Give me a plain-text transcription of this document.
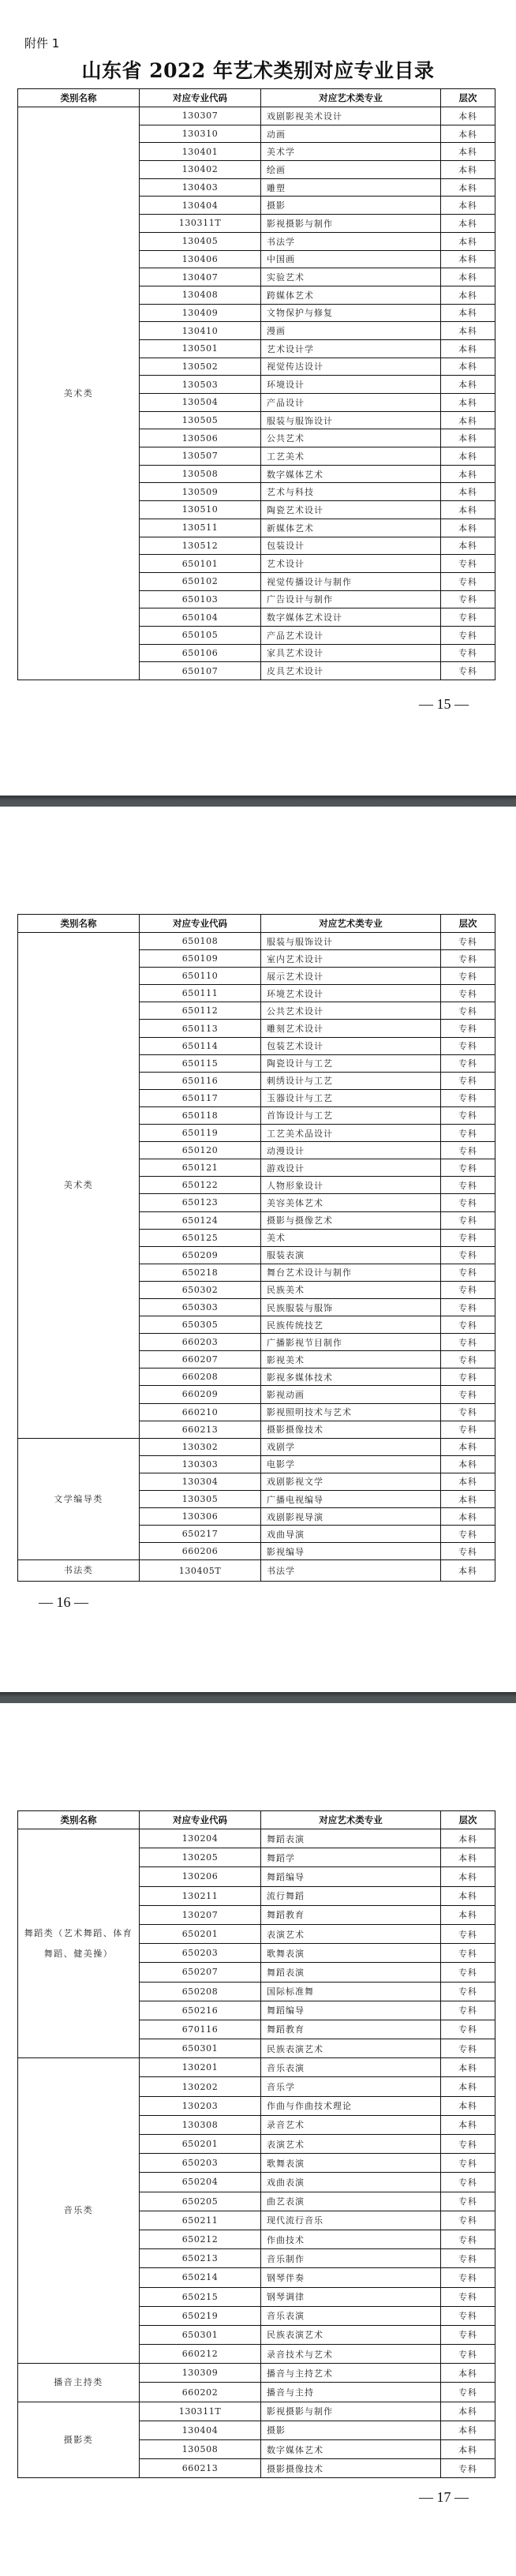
附件 1
山东省 2022 年艺术类别对应专业目录
类别名称	对应专业代码	对应艺术类专业	层次
美术类	130307	戏剧影视美术设计	本科
	130310	动画	本科
	130401	美术学	本科
	130402	绘画	本科
	130403	雕塑	本科
	130404	摄影	本科
	130311T	影视摄影与制作	本科
	130405	书法学	本科
	130406	中国画	本科
	130407	实验艺术	本科
	130408	跨媒体艺术	本科
	130409	文物保护与修复	本科
	130410	漫画	本科
	130501	艺术设计学	本科
	130502	视觉传达设计	本科
	130503	环境设计	本科
	130504	产品设计	本科
	130505	服装与服饰设计	本科
	130506	公共艺术	本科
	130507	工艺美术	本科
	130508	数字媒体艺术	本科
	130509	艺术与科技	本科
	130510	陶瓷艺术设计	本科
	130511	新媒体艺术	本科
	130512	包装设计	本科
	650101	艺术设计	专科
	650102	视觉传播设计与制作	专科
	650103	广告设计与制作	专科
	650104	数字媒体艺术设计	专科
	650105	产品艺术设计	专科
	650106	家具艺术设计	专科
	650107	皮具艺术设计	专科
— 15 —
类别名称	对应专业代码	对应艺术类专业	层次
美术类	650108	服装与服饰设计	专科
	650109	室内艺术设计	专科
	650110	展示艺术设计	专科
	650111	环境艺术设计	专科
	650112	公共艺术设计	专科
	650113	雕刻艺术设计	专科
	650114	包装艺术设计	专科
	650115	陶瓷设计与工艺	专科
	650116	刺绣设计与工艺	专科
	650117	玉器设计与工艺	专科
	650118	首饰设计与工艺	专科
	650119	工艺美术品设计	专科
	650120	动漫设计	专科
	650121	游戏设计	专科
	650122	人物形象设计	专科
	650123	美容美体艺术	专科
	650124	摄影与摄像艺术	专科
	650125	美术	专科
	650209	服装表演	专科
	650218	舞台艺术设计与制作	专科
	650302	民族美术	专科
	650303	民族服装与服饰	专科
	650305	民族传统技艺	专科
	660203	广播影视节目制作	专科
	660207	影视美术	专科
	660208	影视多媒体技术	专科
	660209	影视动画	专科
	660210	影视照明技术与艺术	专科
	660213	摄影摄像技术	专科
文学编导类	130302	戏剧学	本科
	130303	电影学	本科
	130304	戏剧影视文学	本科
	130305	广播电视编导	本科
	130306	戏剧影视导演	本科
	650217	戏曲导演	专科
	660206	影视编导	专科
书法类	130405T	书法学	本科
— 16 —
类别名称	对应专业代码	对应艺术类专业	层次
舞蹈类（艺术舞蹈、体育舞蹈、健美操）	130204	舞蹈表演	本科
	130205	舞蹈学	本科
	130206	舞蹈编导	本科
	130211	流行舞蹈	本科
	130207	舞蹈教育	本科
	650201	表演艺术	专科
	650203	歌舞表演	专科
	650207	舞蹈表演	专科
	650208	国际标准舞	专科
	650216	舞蹈编导	专科
	670116	舞蹈教育	专科
	650301	民族表演艺术	专科
音乐类	130201	音乐表演	本科
	130202	音乐学	本科
	130203	作曲与作曲技术理论	本科
	130308	录音艺术	本科
	650201	表演艺术	专科
	650203	歌舞表演	专科
	650204	戏曲表演	专科
	650205	曲艺表演	专科
	650211	现代流行音乐	专科
	650212	作曲技术	专科
	650213	音乐制作	专科
	650214	钢琴伴奏	专科
	650215	钢琴调律	专科
	650219	音乐表演	专科
	650301	民族表演艺术	专科
	660212	录音技术与艺术	专科
播音主持类	130309	播音与主持艺术	本科
	660202	播音与主持	专科
摄影类	130311T	影视摄影与制作	本科
	130404	摄影	本科
	130508	数字媒体艺术	本科
	660213	摄影摄像技术	专科
— 17 —
